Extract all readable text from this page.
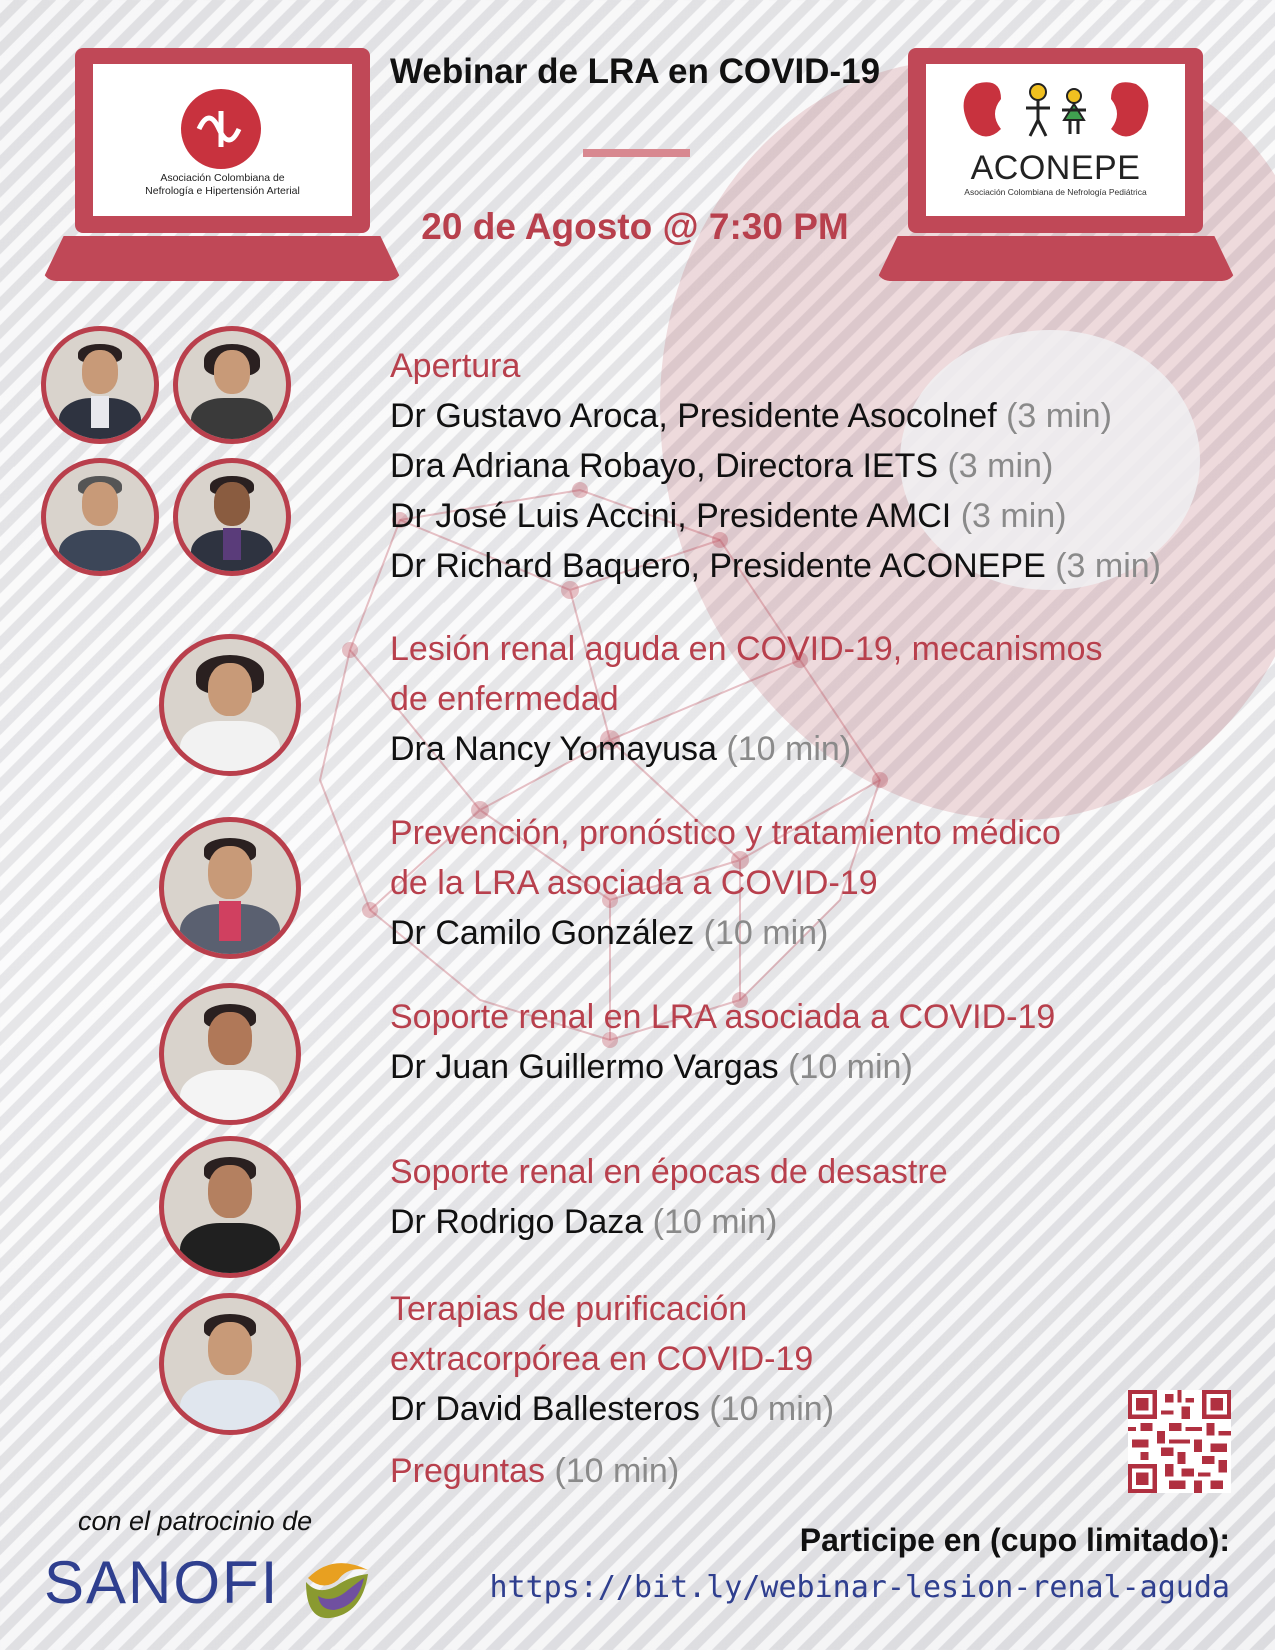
Asociación Colombiana de
Nefrología e Hipertensión Arterial
ACONEPE
Asociación Colombiana de Nefrología Pediátrica
Webinar de LRA en COVID-19
20 de Agosto @ 7:30 PM
Apertura
Dr Gustavo Aroca, Presidente Asocolnef (3 min)
Dra Adriana Robayo, Directora IETS (3 min)
Dr José Luis Accini, Presidente AMCI (3 min)
Dr Richard Baquero, Presidente ACONEPE (3 min)
Lesión renal aguda en COVID-19, mecanismos
de enfermedad
Dra Nancy Yomayusa (10 min)
Prevención, pronóstico y tratamiento médico
de la LRA asociada a COVID-19
Dr Camilo González (10 min)
Soporte renal en LRA asociada a COVID-19
Dr Juan Guillermo Vargas (10 min)
Soporte renal en épocas de desastre
Dr Rodrigo Daza (10 min)
Terapias de purificación
extracorpórea en COVID-19
Dr David Ballesteros (10 min)
Preguntas (10 min)
con el patrocinio de
SANOFI
Participe en (cupo limitado):
https://bit.ly/webinar-lesion-renal-aguda
